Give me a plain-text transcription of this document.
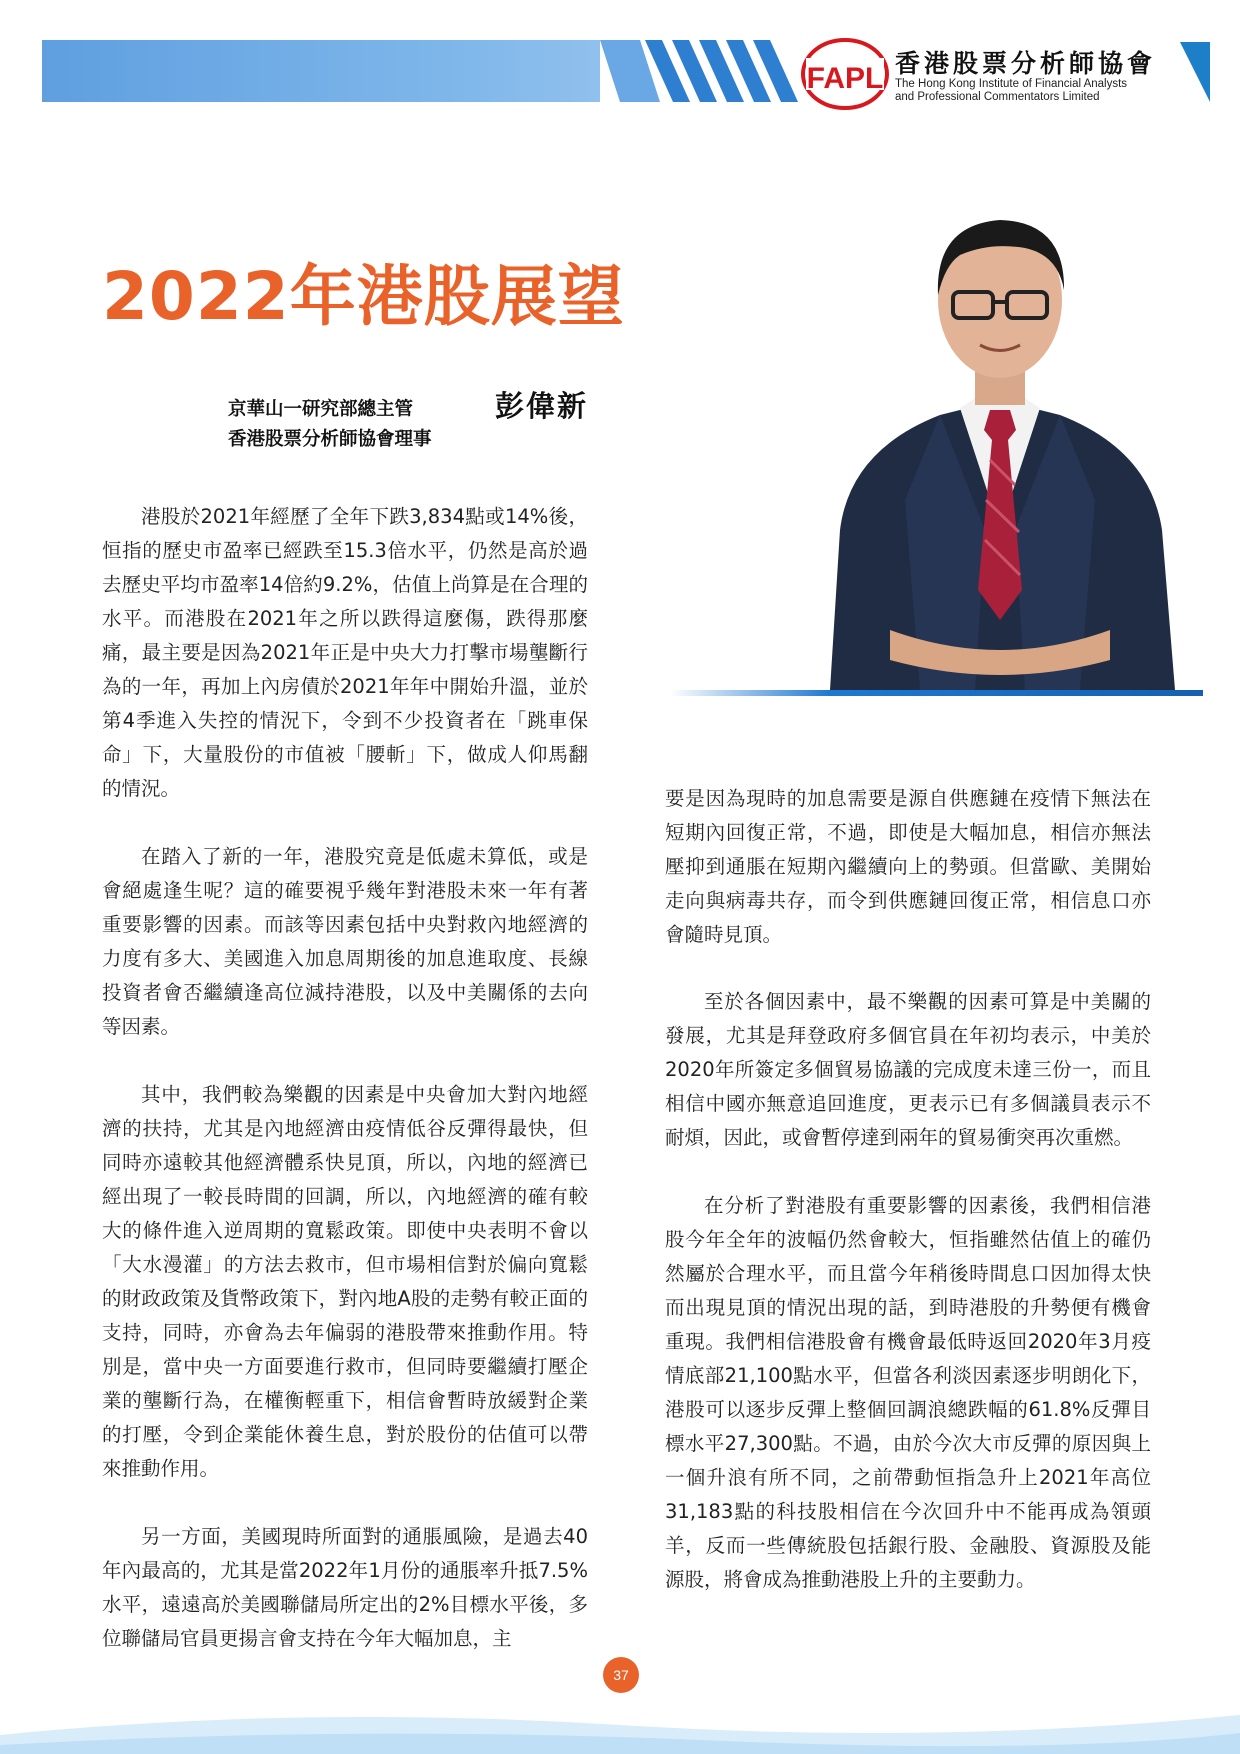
FAPL 香港股票分析師協會
The Hong Kong Institute of Financial Analysts
and Professional Commentators Limited
2022年港股展望
京華山一研究部總主管
香港股票分析師協會理事
彭偉新

港股於2021年經歷了全年下跌3,834點或14%後，恒指的歷史市盈率已經跌至15.3倍水平，仍然是高於過去歷史平均市盈率14倍約9.2%，估值上尚算是在合理的水平。而港股在2021年之所以跌得這麼傷，跌得那麼痛，最主要是因為2021年正是中央大力打擊市場壟斷行為的一年，再加上內房債於2021年年中開始升溫，並於第4季進入失控的情況下，令到不少投資者在「跳車保命」下，大量股份的市值被「腰斬」下，做成人仰馬翻的情況。

在踏入了新的一年，港股究竟是低處未算低，或是會絕處逢生呢？這的確要視乎幾年對港股未來一年有著重要影響的因素。而該等因素包括中央對救內地經濟的力度有多大、美國進入加息周期後的加息進取度、長線投資者會否繼續逢高位減持港股，以及中美關係的去向等因素。

其中，我們較為樂觀的因素是中央會加大對內地經濟的扶持，尤其是內地經濟由疫情低谷反彈得最快，但同時亦遠較其他經濟體系快見頂，所以，內地的經濟已經出現了一較長時間的回調，所以，內地經濟的確有較大的條件進入逆周期的寬鬆政策。即使中央表明不會以「大水漫灌」的方法去救市，但市場相信對於偏向寬鬆的財政政策及貨幣政策下，對內地A股的走勢有較正面的支持，同時，亦會為去年偏弱的港股帶來推動作用。特別是，當中央一方面要進行救市，但同時要繼續打壓企業的壟斷行為，在權衡輕重下，相信會暫時放緩對企業的打壓，令到企業能休養生息，對於股份的估值可以帶來推動作用。

另一方面，美國現時所面對的通脹風險，是過去40年內最高的，尤其是當2022年1月份的通脹率升抵7.5%水平，遠遠高於美國聯儲局所定出的2%目標水平後，多位聯儲局官員更揚言會支持在今年大幅加息，主

要是因為現時的加息需要是源自供應鏈在疫情下無法在短期內回復正常，不過，即使是大幅加息，相信亦無法壓抑到通脹在短期內繼續向上的勢頭。但當歐、美開始走向與病毒共存，而令到供應鏈回復正常，相信息口亦會隨時見頂。

至於各個因素中，最不樂觀的因素可算是中美關的發展，尤其是拜登政府多個官員在年初均表示，中美於2020年所簽定多個貿易協議的完成度未達三份一，而且相信中國亦無意追回進度，更表示已有多個議員表示不耐煩，因此，或會暫停達到兩年的貿易衝突再次重燃。

在分析了對港股有重要影響的因素後，我們相信港股今年全年的波幅仍然會較大，恒指雖然估值上的確仍然屬於合理水平，而且當今年稍後時間息口因加得太快而出現見頂的情況出現的話，到時港股的升勢便有機會重現。我們相信港股會有機會最低時返回2020年3月疫情底部21,100點水平，但當各利淡因素逐步明朗化下，港股可以逐步反彈上整個回調浪總跌幅的61.8%反彈目標水平27,300點。不過，由於今次大市反彈的原因與上一個升浪有所不同，之前帶動恒指急升上2021年高位31,183點的科技股相信在今次回升中不能再成為領頭羊，反而一些傳統股包括銀行股、金融股、資源股及能源股，將會成為推動港股上升的主要動力。

37
